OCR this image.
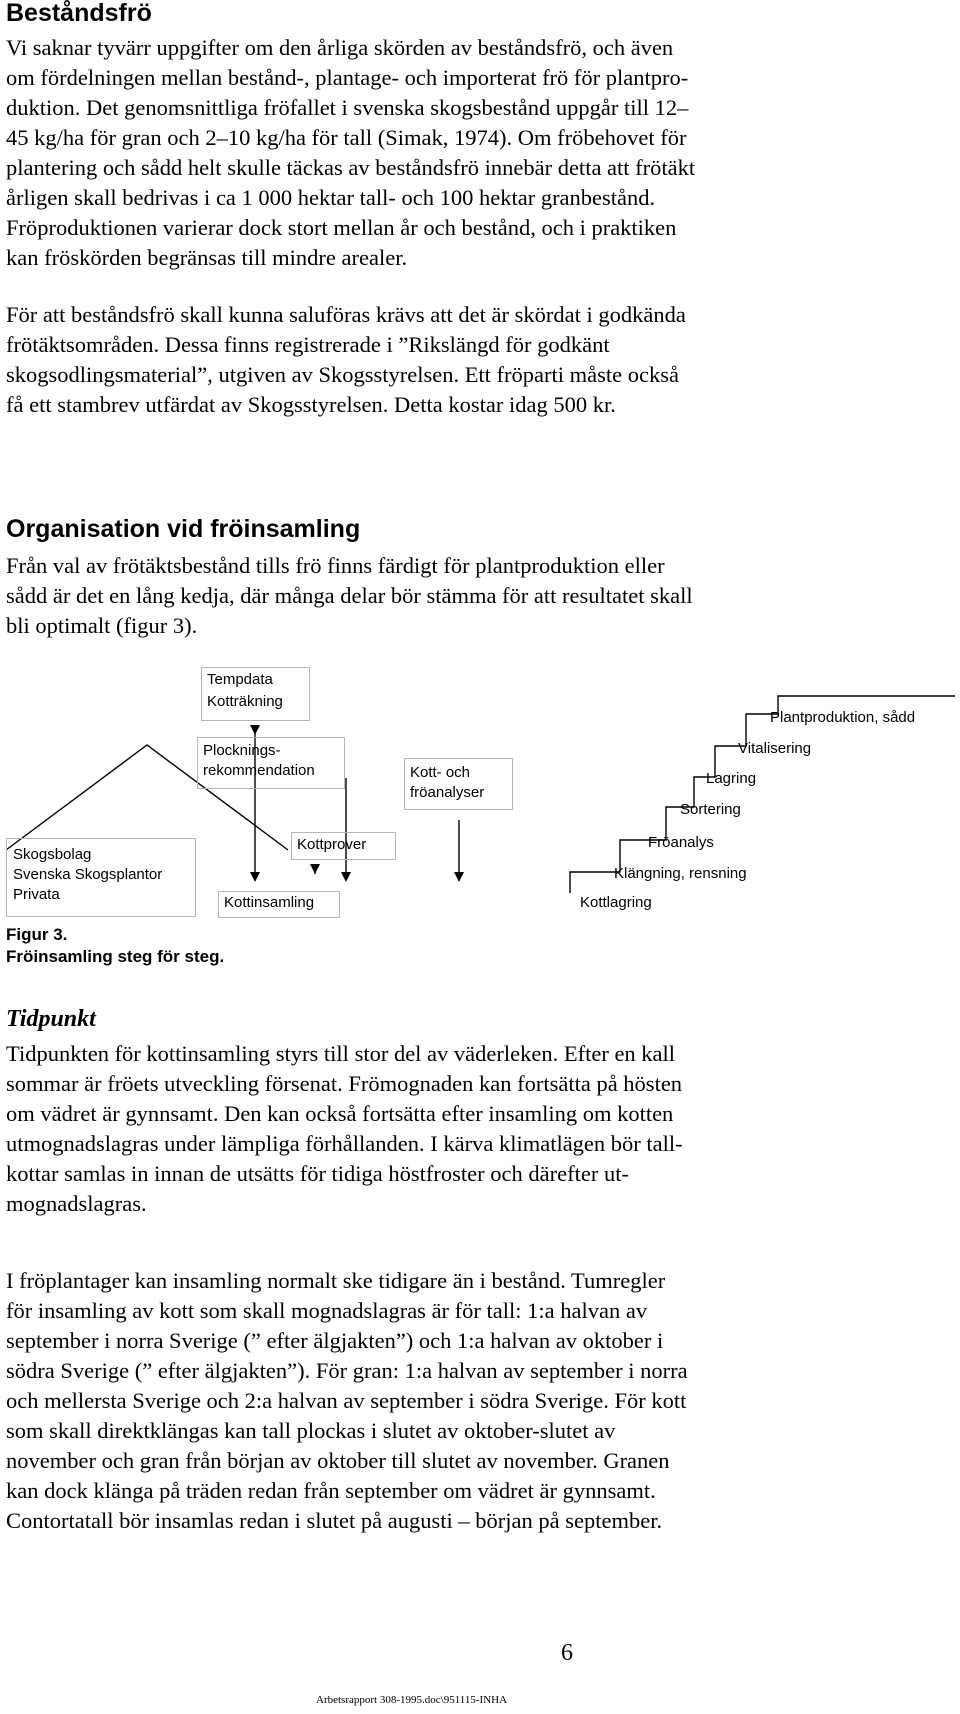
Beståndsfrö
Vi saknar tyvärr uppgifter om den årliga skörden av beståndsfrö, och även
om fördelningen mellan bestånd-, plantage- och importerat frö för plantpro-
duktion. Det genomsnittliga fröfallet i svenska skogsbestånd uppgår till 12–
45 kg/ha för gran och 2–10 kg/ha för tall (Simak, 1974). Om fröbehovet för
plantering och sådd helt skulle täckas av beståndsfrö innebär detta att frötäkt
årligen skall bedrivas i ca 1 000 hektar tall- och 100 hektar granbestånd.
Fröproduktionen varierar dock stort mellan år och bestånd, och i praktiken
kan fröskörden begränsas till mindre arealer.
För att beståndsfrö skall kunna saluföras krävs att det är skördat i godkända
frötäktsområden. Dessa finns registrerade i ”Rikslängd för godkänt
skogsodlingsmaterial”, utgiven av Skogsstyrelsen. Ett fröparti måste också
få ett stambrev utfärdat av Skogsstyrelsen. Detta kostar idag 500 kr.
Organisation vid fröinsamling
Från val av frötäktsbestånd tills frö finns färdigt för plantproduktion eller
sådd är det en lång kedja, där många delar bör stämma för att resultatet skall
bli optimalt (figur 3).
Tempdata
Kotträkning
Plocknings-
rekommendation	Kott- och
fröanalyser
Kottprover
Skogsbolag
Svenska Skogsplantor
Privata	Kottinsamling
Plantproduktion, sådd
Vitalisering
Lagring
Sortering
Fröanalys
Klängning, rensning
Kottlagring
Figur 3.
Fröinsamling steg för steg.
Tidpunkt
Tidpunkten för kottinsamling styrs till stor del av väderleken. Efter en kall
sommar är fröets utveckling försenat. Frömognaden kan fortsätta på hösten
om vädret är gynnsamt. Den kan också fortsätta efter insamling om kotten
utmognadslagras under lämpliga förhållanden. I kärva klimatlägen bör tall-
kottar samlas in innan de utsätts för tidiga höstfroster och därefter ut-
mognadslagras.
I fröplantager kan insamling normalt ske tidigare än i bestånd. Tumregler
för insamling av kott som skall mognadslagras är för tall: 1:a halvan av
september i norra Sverige (” efter älgjakten”) och 1:a halvan av oktober i
södra Sverige (” efter älgjakten”). För gran: 1:a halvan av september i norra
och mellersta Sverige och 2:a halvan av september i södra Sverige. För kott
som skall direktklängas kan tall plockas i slutet av oktober-slutet av
november och gran från början av oktober till slutet av november. Granen
kan dock klänga på träden redan från september om vädret är gynnsamt.
Contortatall bör insamlas redan i slutet på augusti – början på september.
6
Arbetsrapport 308-1995.doc\951115-INHA
